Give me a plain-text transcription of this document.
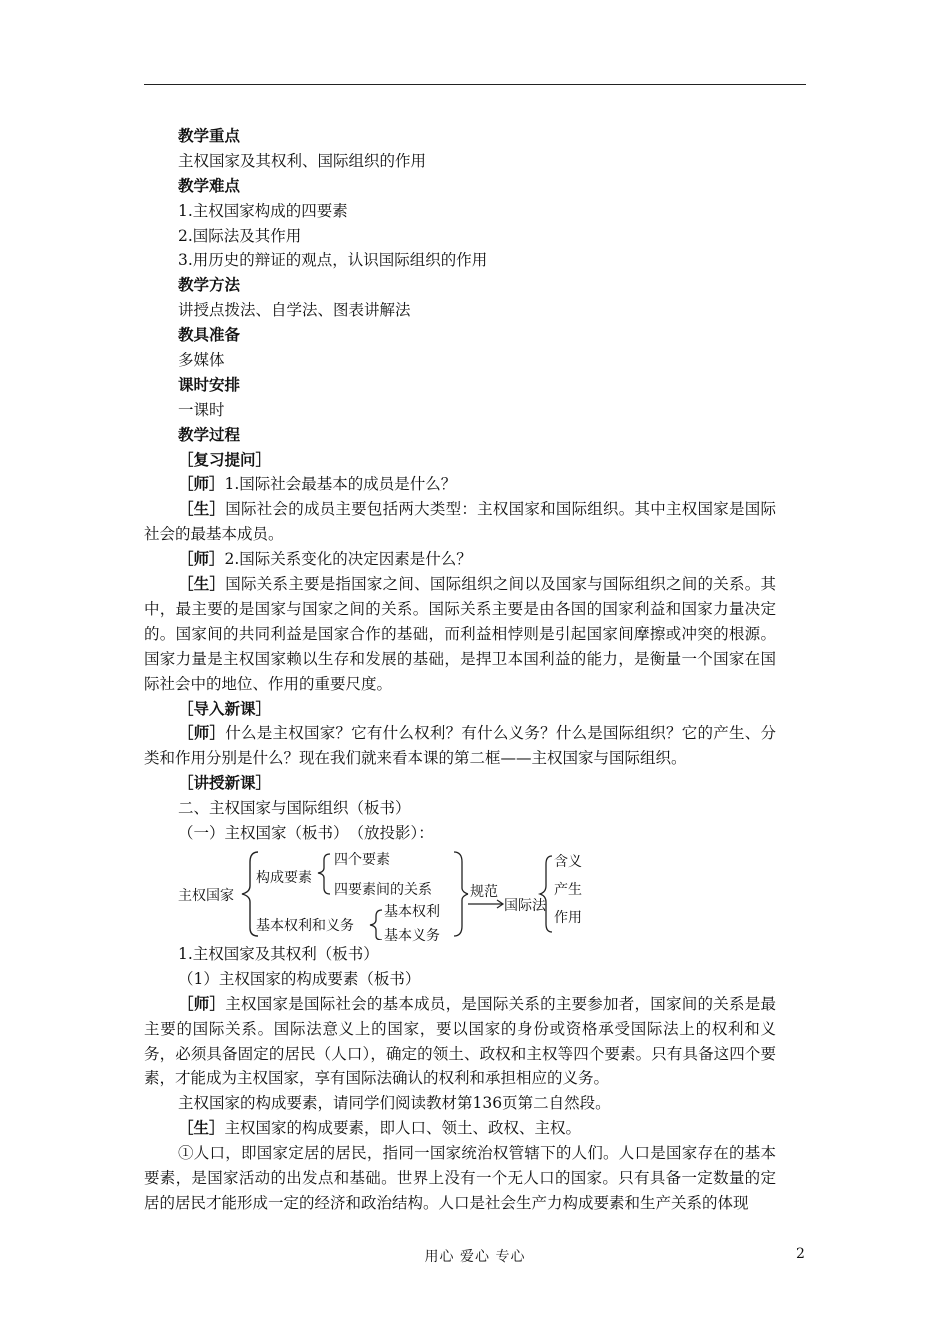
教学重点
主权国家及其权利、国际组织的作用
教学难点
1.主权国家构成的四要素
2.国际法及其作用
3.用历史的辩证的观点，认识国际组织的作用
教学方法
讲授点拨法、自学法、图表讲解法
教具准备
多媒体
课时安排
一课时
教学过程
［复习提问］
［师］1.国际社会最基本的成员是什么？
［生］国际社会的成员主要包括两大类型：主权国家和国际组织。其中主权国家是国际社会的最基本成员。
［师］2.国际关系变化的决定因素是什么？
［生］国际关系主要是指国家之间、国际组织之间以及国家与国际组织之间的关系。其中，最主要的是国家与国家之间的关系。国际关系主要是由各国的国家利益和国家力量决定的。国家间的共同利益是国家合作的基础，而利益相悖则是引起国家间摩擦或冲突的根源。国家力量是主权国家赖以生存和发展的基础，是捍卫本国利益的能力，是衡量一个国家在国际社会中的地位、作用的重要尺度。
［导入新课］
［师］什么是主权国家？它有什么权利？有什么义务？什么是国际组织？它的产生、分类和作用分别是什么？现在我们就来看本课的第二框——主权国家与国际组织。
［讲授新课］
二、主权国家与国际组织（板书）
（一）主权国家（板书）　（放投影）：
主权国家
构成要素
四个要素
四要素间的关系
基本权利和义务
基本权利
基本义务
规范
国际法
含义
产生
作用
1.主权国家及其权利（板书）
（1）主权国家的构成要素（板书）
［师］主权国家是国际社会的基本成员，是国际关系的主要参加者，国家间的关系是最主要的国际关系。国际法意义上的国家，要以国家的身份或资格承受国际法上的权利和义务，必须具备固定的居民（人口），确定的领土、政权和主权等四个要素。只有具备这四个要素，才能成为主权国家，享有国际法确认的权利和承担相应的义务。
主权国家的构成要素，请同学们阅读教材第136页第二自然段。
［生］主权国家的构成要素，即人口、领土、政权、主权。
①人口，即国家定居的居民，指同一国家统治权管辖下的人们。人口是国家存在的基本要素，是国家活动的出发点和基础。世界上没有一个无人口的国家。只有具备一定数量的定居的居民才能形成一定的经济和政治结构。人口是社会生产力构成要素和生产关系的体现
用心 爱心 专心	2
